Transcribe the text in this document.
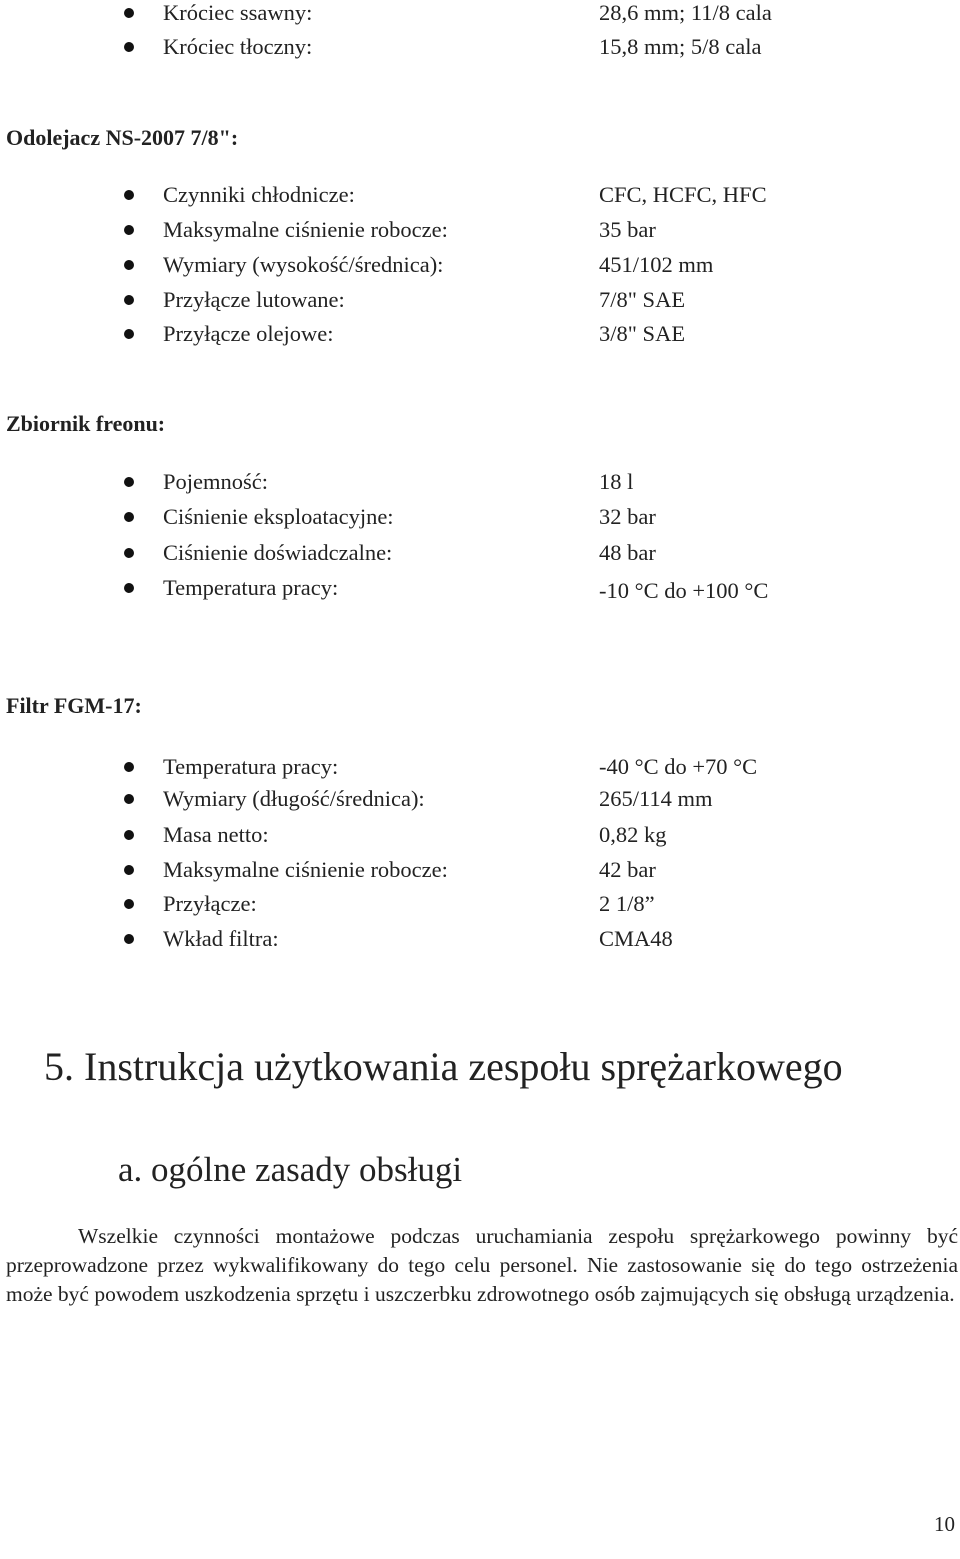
Króciec ssawny:	28,6 mm; 11/8 cala
Króciec tłoczny:	15,8 mm; 5/8 cala
Odolejacz NS-2007 7/8":
Czynniki chłodnicze:	CFC, HCFC, HFC
Maksymalne ciśnienie robocze:	35 bar
Wymiary (wysokość/średnica):	451/102 mm
Przyłącze lutowane:	7/8" SAE
Przyłącze olejowe:	3/8" SAE
Zbiornik freonu:
Pojemność:	18 l
Ciśnienie eksploatacyjne:	32 bar
Ciśnienie doświadczalne:	48 bar
Temperatura pracy:	-10 °C do +100 °C
Filtr FGM-17:
Temperatura pracy:	-40 °C do +70 °C
Wymiary (długość/średnica):	265/114 mm
Masa netto:	0,82 kg
Maksymalne ciśnienie robocze:	42 bar
Przyłącze:	2 1/8”
Wkład filtra:	CMA48
5. Instrukcja użytkowania zespołu sprężarkowego
a. ogólne zasady obsługi
Wszelkie czynności montażowe podczas uruchamiania zespołu sprężarkowego powinny być przeprowadzone przez wykwalifikowany do tego celu personel. Nie zastosowanie się do tego ostrzeżenia może być powodem uszkodzenia sprzętu i uszczerbku zdrowotnego osób zajmujących się obsługą urządzenia.
10
